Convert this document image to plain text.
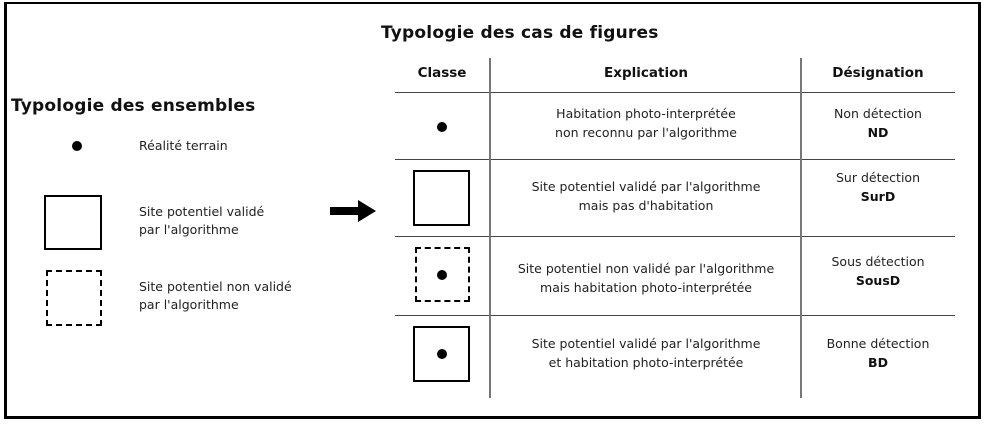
Typologie des ensembles
Réalité terrain
Site potentiel validé
par l'algorithme
Site potentiel non validé
par l'algorithme
Typologie des cas de figures
Classe	Explication	Désignation
Habitation photo-interprétée
non reconnu par l'algorithme
Non détection
ND
Site potentiel validé par l'algorithme
mais pas d'habitation
Sur détection
SurD
Site potentiel non validé par l'algorithme
mais habitation photo-interprétée
Sous détection
SousD
Site potentiel validé par l'algorithme
et habitation photo-interprétée
Bonne détection
BD
